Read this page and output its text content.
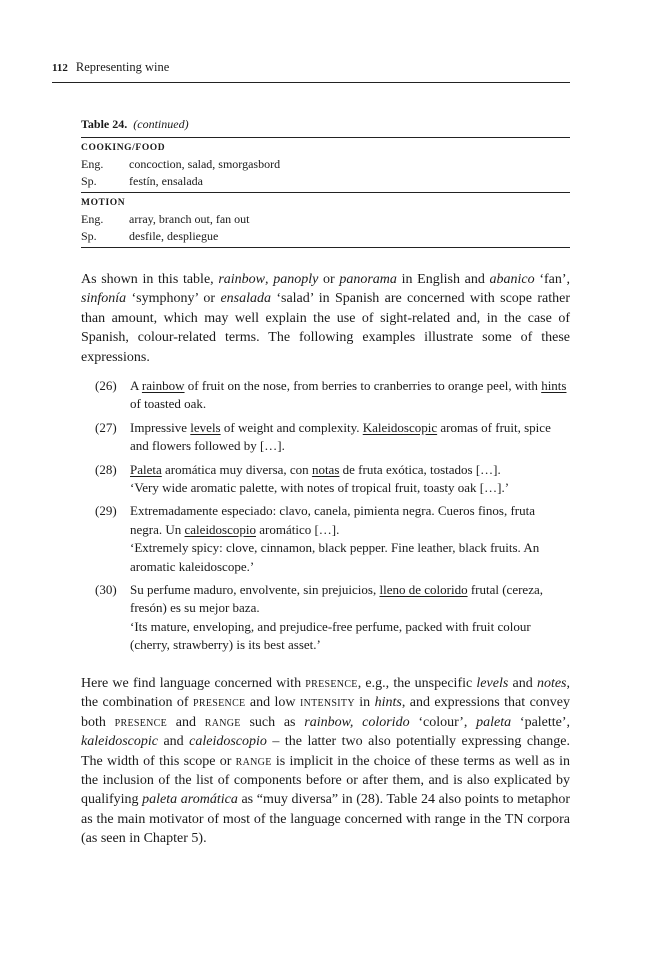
112 Representing wine
Table 24. (continued)
COOKING/FOOD
Eng.	concoction, salad, smorgasbord
Sp.	festín, ensalada
MOTION
Eng.	array, branch out, fan out
Sp.	desfile, despliegue

As shown in this table, rainbow, panoply or panorama in English and abanico ‘fan’, sinfonía ‘symphony’ or ensalada ‘salad’ in Spanish are concerned with scope rather than amount, which may well explain the use of sight-related and, in the case of Spanish, colour-related terms. The following examples illustrate some of these expressions.

(26)	A rainbow of fruit on the nose, from berries to cranberries to orange peel, with hints of toasted oak.
(27)	Impressive levels of weight and complexity. Kaleidoscopic aromas of fruit, spice and flowers followed by […].
(28)	Paleta aromática muy diversa, con notas de fruta exótica, tostados […].
‘Very wide aromatic palette, with notes of tropical fruit, toasty oak […].’
(29)	Extremadamente especiado: clavo, canela, pimienta negra. Cueros finos, fruta negra. Un caleidoscopio aromático […].
‘Extremely spicy: clove, cinnamon, black pepper. Fine leather, black fruits. An aromatic kaleidoscope.’
(30)	Su perfume maduro, envolvente, sin prejuicios, lleno de colorido frutal (cereza, fresón) es su mejor baza.
‘Its mature, enveloping, and prejudice-free perfume, packed with fruit colour (cherry, strawberry) is its best asset.’

Here we find language concerned with presence, e.g., the unspecific levels and notes, the combination of presence and low intensity in hints, and expressions that convey both presence and range such as rainbow, colorido ‘colour’, paleta ‘palette’, kaleidoscopic and caleidoscopio – the latter two also potentially expressing change. The width of this scope or range is implicit in the choice of these terms as well as in the inclusion of the list of components before or after them, and is also explicated by qualifying paleta aromática as “muy diversa” in (28). Table 24 also points to metaphor as the main motivator of most of the language concerned with range in the TN corpora (as seen in Chapter 5).
